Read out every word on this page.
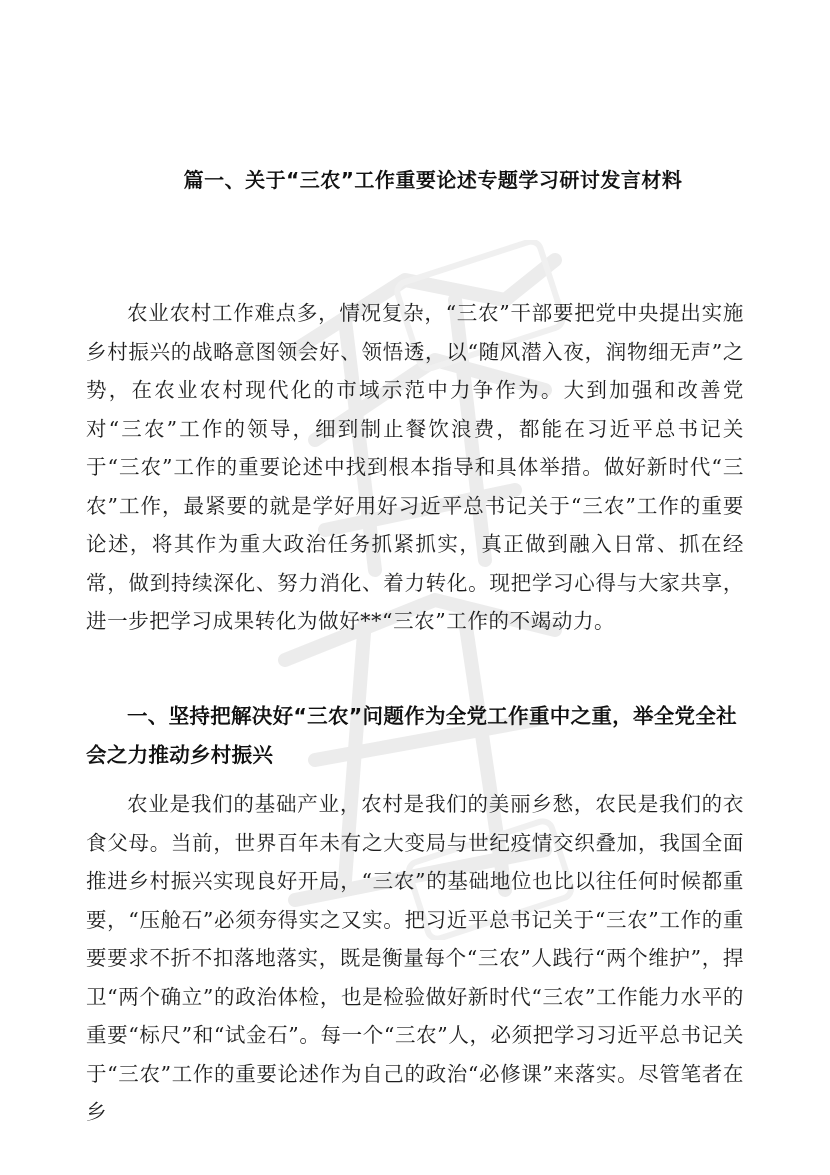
篇一、关于“三农”工作重要论述专题学习研讨发言材料

农业农村工作难点多，情况复杂，“三农”干部要把党中央提出实施乡村振兴的战略意图领会好、领悟透，以“随风潜入夜，润物细无声”之势，在农业农村现代化的市域示范中力争作为。大到加强和改善党对“三农”工作的领导，细到制止餐饮浪费，都能在习近平总书记关于“三农”工作的重要论述中找到根本指导和具体举措。做好新时代“三农”工作，最紧要的就是学好用好习近平总书记关于“三农”工作的重要论述，将其作为重大政治任务抓紧抓实，真正做到融入日常、抓在经常，做到持续深化、努力消化、着力转化。现把学习心得与大家共享，进一步把学习成果转化为做好**“三农”工作的不竭动力。

一、坚持把解决好“三农”问题作为全党工作重中之重，举全党全社会之力推动乡村振兴

农业是我们的基础产业，农村是我们的美丽乡愁，农民是我们的衣食父母。当前，世界百年未有之大变局与世纪疫情交织叠加，我国全面推进乡村振兴实现良好开局，“三农”的基础地位也比以往任何时候都重要，“压舱石”必须夯得实之又实。把习近平总书记关于“三农”工作的重要要求不折不扣落地落实，既是衡量每个“三农”人践行“两个维护”，捍卫“两个确立”的政治体检，也是检验做好新时代“三农”工作能力水平的重要“标尺”和“试金石”。每一个“三农”人，必须把学习习近平总书记关于“三农”工作的重要论述作为自己的政治“必修课”来落实。尽管笔者在乡
